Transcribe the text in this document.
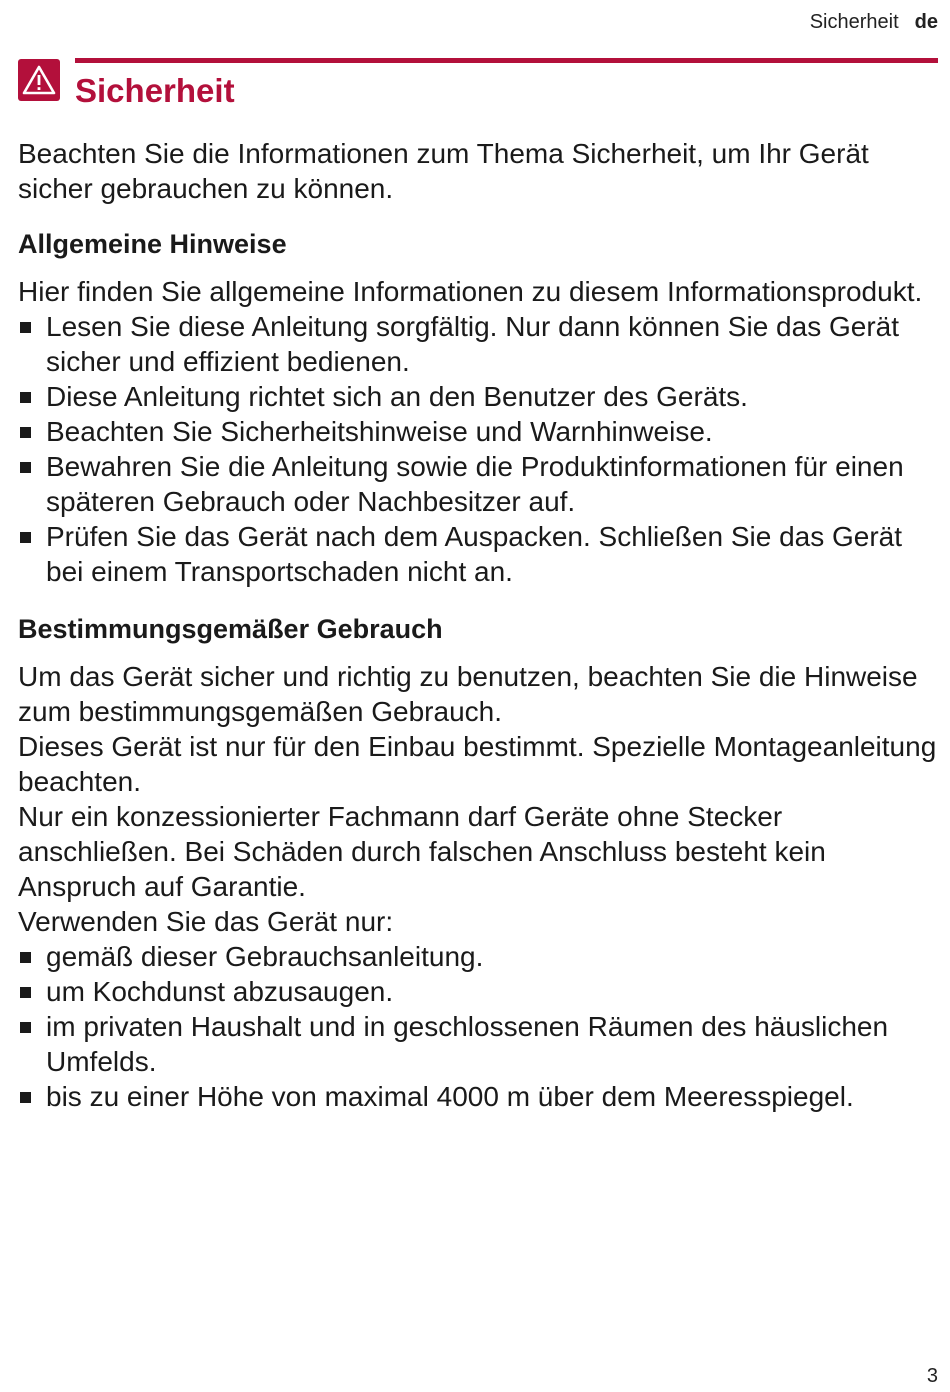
Sicherheit de
Sicherheit

Beachten Sie die Informationen zum Thema Sicherheit, um Ihr Gerät sicher gebrauchen zu können.

Allgemeine Hinweise

Hier finden Sie allgemeine Informationen zu diesem Informationsprodukt.

Lesen Sie diese Anleitung sorgfältig. Nur dann können Sie das Gerät sicher und effizient bedienen.
Diese Anleitung richtet sich an den Benutzer des Geräts.
Beachten Sie Sicherheitshinweise und Warnhinweise.
Bewahren Sie die Anleitung sowie die Produktinformationen für einen späteren Gebrauch oder Nachbesitzer auf.
Prüfen Sie das Gerät nach dem Auspacken. Schließen Sie das Gerät bei einem Transportschaden nicht an.
Bestimmungsgemäßer Gebrauch

Um das Gerät sicher und richtig zu benutzen, beachten Sie die Hinweise zum bestimmungsgemäßen Gebrauch.

Dieses Gerät ist nur für den Einbau bestimmt. Spezielle Montageanleitung beachten.

Nur ein konzessionierter Fachmann darf Geräte ohne Stecker anschließen. Bei Schäden durch falschen Anschluss besteht kein Anspruch auf Garantie.

Verwenden Sie das Gerät nur:

gemäß dieser Gebrauchsanleitung.
um Kochdunst abzusaugen.
im privaten Haushalt und in geschlossenen Räumen des häuslichen Umfelds.
bis zu einer Höhe von maximal 4000 m über dem Meeresspiegel.
3
